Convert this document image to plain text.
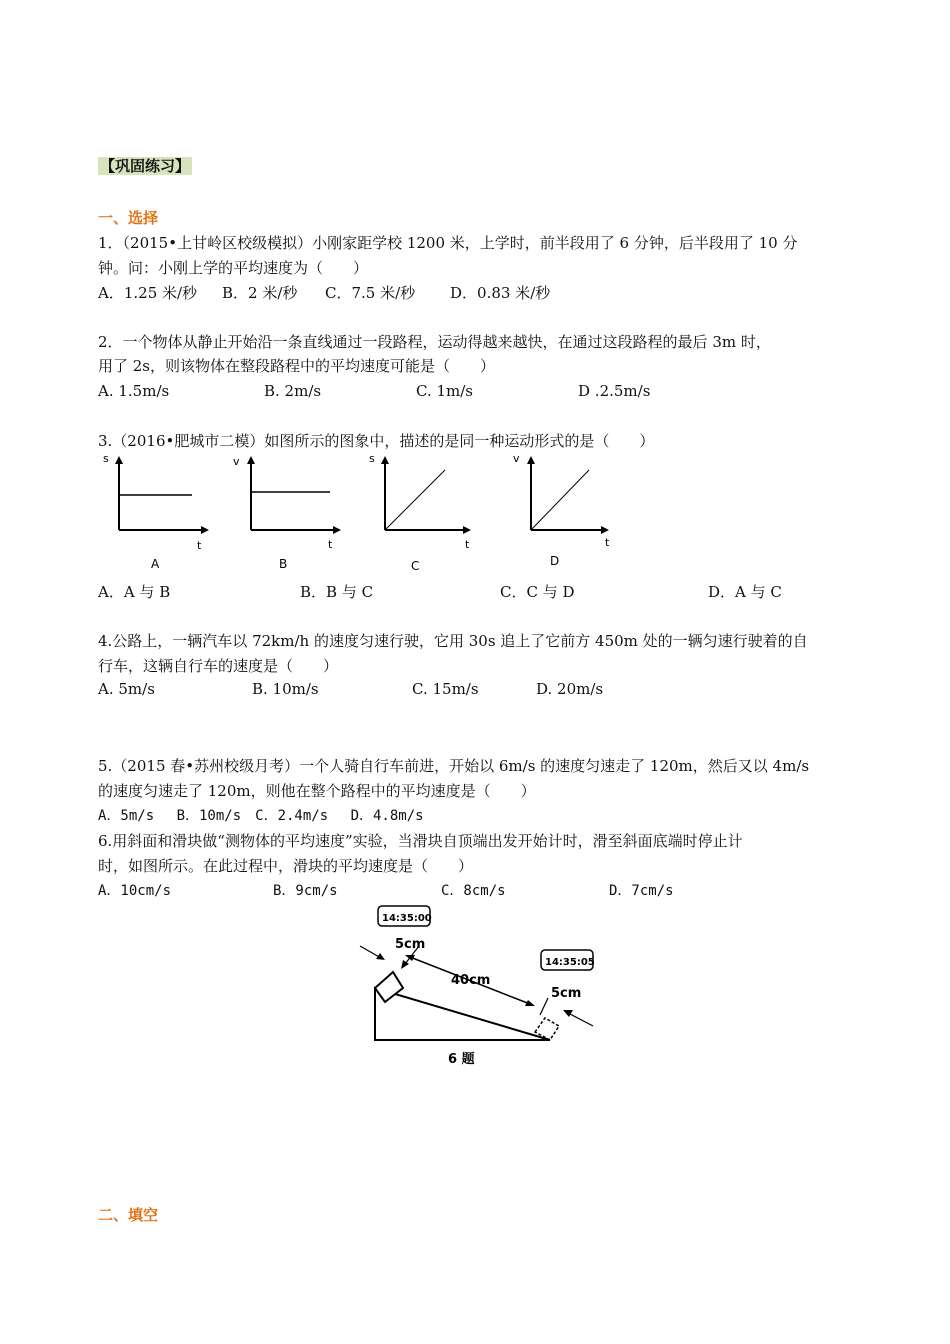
【巩固练习】
一、选择
1．（2015•上甘岭区校级模拟）小刚家距学校 1200 米，上学时，前半段用了 6 分钟，后半段用了 10 分
钟。问：小刚上学的平均速度为（　　）
A．1.25 米/秒 B．2 米/秒 C．7.5 米/秒 D．0.83 米/秒
2．一个物体从静止开始沿一条直线通过一段路程，运动得越来越快，在通过这段路程的最后 3m 时，
用了 2s，则该物体在整段路程中的平均速度可能是（　　）
A. 1.5m/s	B. 2m/s	C. 1m/s	D .2.5m/s
3.（2016•肥城市二模）如图所示的图象中，描述的是同一种运动形式的是（　　）
s
t
A
v
t
B
s
t
C
v
t
D
A．A 与 B	B．B 与 C	C．C 与 D	D．A 与 C
4.公路上，一辆汽车以 72km/h 的速度匀速行驶，它用 30s 追上了它前方 450m 处的一辆匀速行驶着的自
行车，这辆自行车的速度是（　　）
A. 5m/s	B. 10m/s	C. 15m/s	D. 20m/s
5.（2015 春•苏州校级月考）一个人骑自行车前进，开始以 6m/s 的速度匀速走了 120m，然后又以 4m/s
的速度匀速走了 120m，则他在整个路程中的平均速度是（　　）
A．5m/s　 B．10m/s　C．2.4m/s　 D．4.8m/s
6.用斜面和滑块做“测物体的平均速度”实验，当滑块自顶端出发开始计时，滑至斜面底端时停止计
时，如图所示。在此过程中，滑块的平均速度是（　　）
A．10cm/s	B．9cm/s	C．8cm/s	D．7cm/s
14:35:00
14:35:05
5cm
40cm
5cm
6 题
二、填空
